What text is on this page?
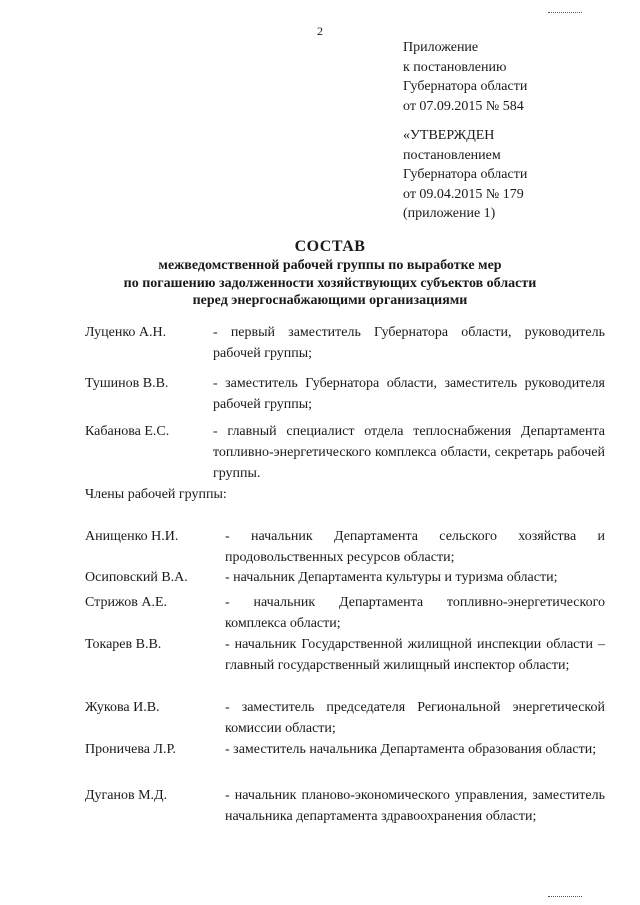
2
Приложение
к постановлению
Губернатора области
от 07.09.2015 № 584
«УТВЕРЖДЕН
постановлением
Губернатора области
от 09.04.2015 № 179
(приложение 1)
СОСТАВ
межведомственной рабочей группы по выработке мер
по погашению задолженности хозяйствующих субъектов области
перед энергоснабжающими организациями
Луценко А.Н.	- первый заместитель Губернатора области, руководитель рабочей группы;
Тушинов В.В.	- заместитель Губернатора области, заместитель руководителя рабочей группы;
Кабанова Е.С.	- главный специалист отдела теплоснабжения Департамента топливно-энергетического комплекса области, секретарь рабочей группы.
Члены рабочей группы:
Анищенко Н.И.	- начальник Департамента сельского хозяйства и продовольственных ресурсов области;
Осиповский В.А.	- начальник Департамента культуры и туризма области;
Стрижов А.Е.	- начальник Департамента топливно-энергетического комплекса области;
Токарев В.В.	- начальник Государственной жилищной инспекции области – главный государственный жилищный инспектор области;
Жукова И.В.	- заместитель председателя Региональной энергетической комиссии области;
Проничева Л.Р.	- заместитель начальника Департамента образования области;
Дуганов М.Д.	- начальник планово-экономического управления, заместитель начальника департамента здравоохранения области;
